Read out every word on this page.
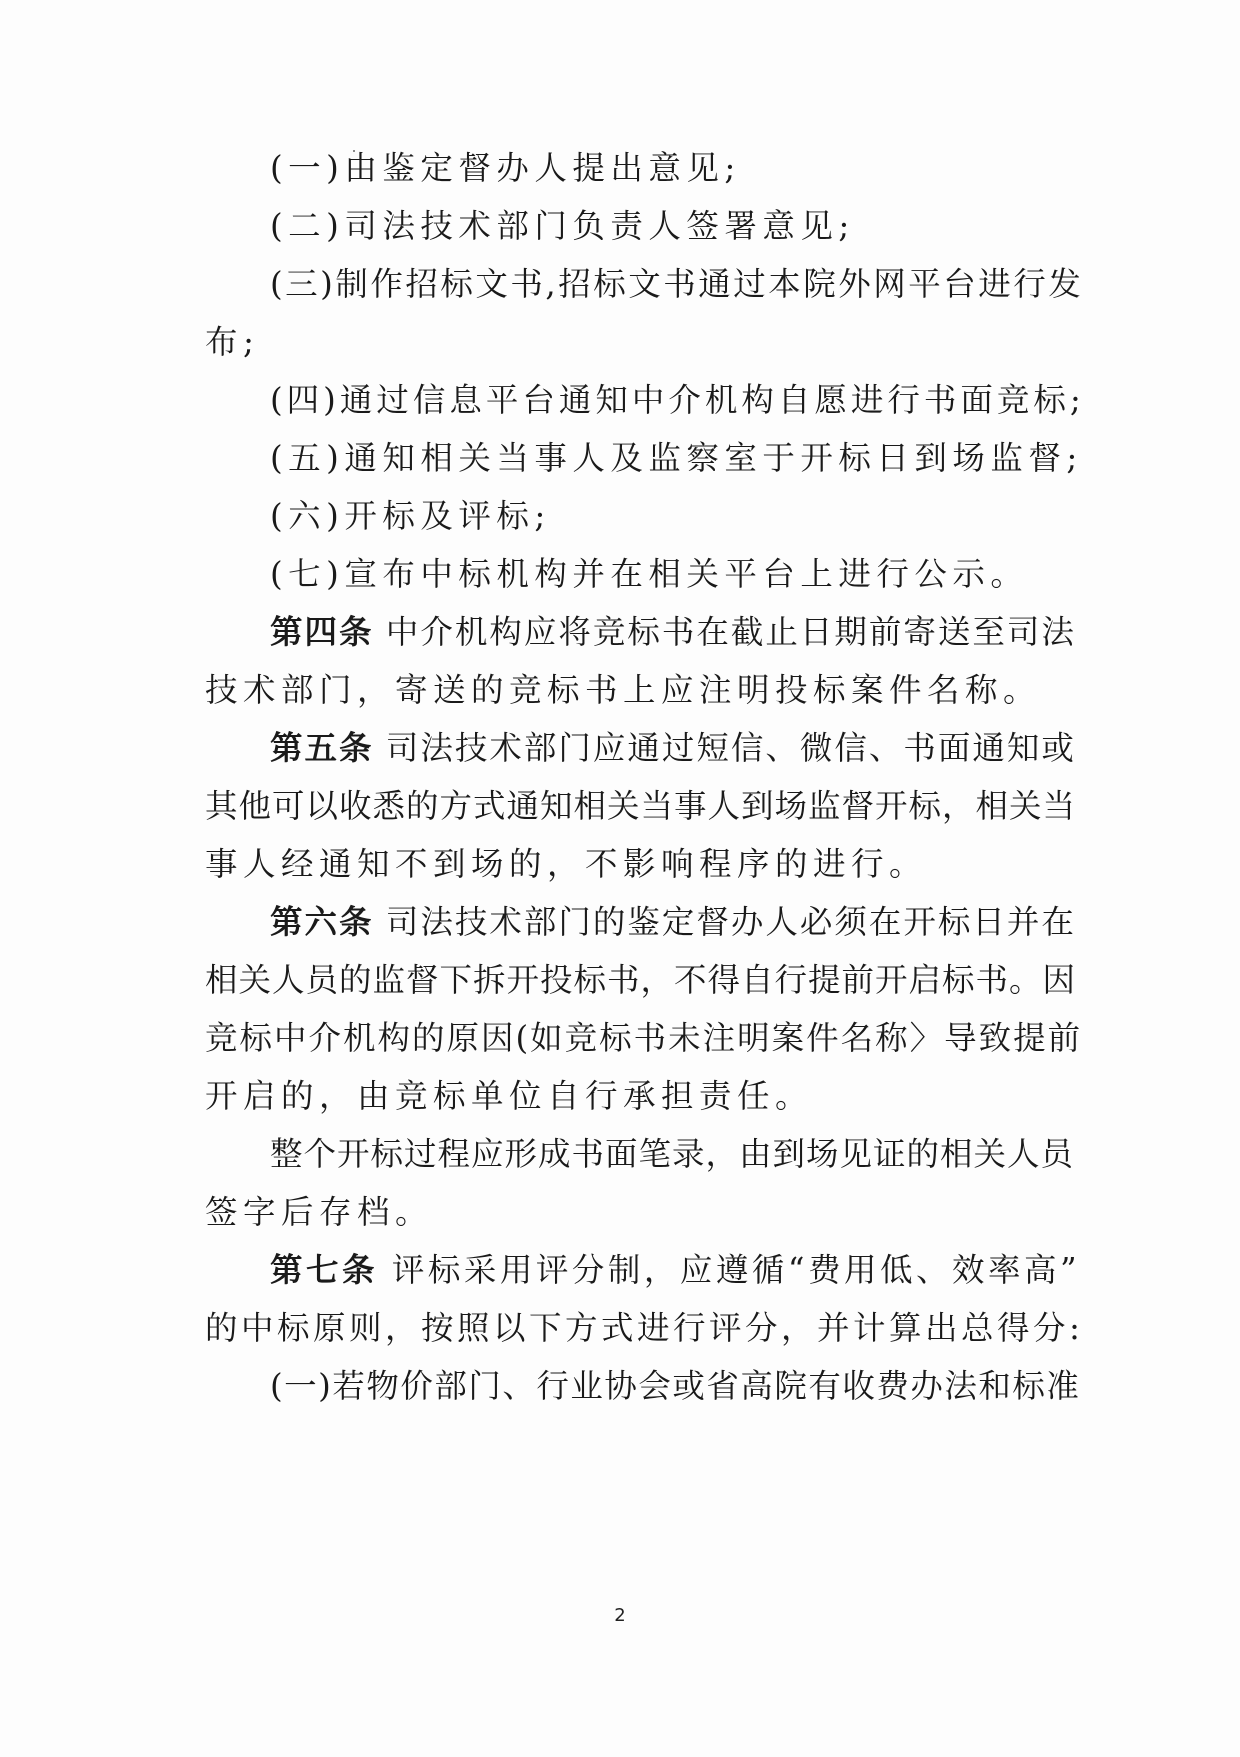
(一)由鉴定督办人提出意见;
(二)司法技术部门负责人签署意见;
(三)制作招标文书,招标文书通过本院外网平台进行发
布;
(四)通过信息平台通知中介机构自愿进行书面竞标;
(五)通知相关当事人及监察室于开标日到场监督;
(六)开标及评标;
(七)宣布中标机构并在相关平台上进行公示。
第四条 中介机构应将竞标书在截止日期前寄送至司法
技术部门，寄送的竞标书上应注明投标案件名称。
第五条 司法技术部门应通过短信、微信、书面通知或
其他可以收悉的方式通知相关当事人到场监督开标，相关当
事人经通知不到场的，不影响程序的进行。
第六条 司法技术部门的鉴定督办人必须在开标日并在
相关人员的监督下拆开投标书，不得自行提前开启标书。因
竞标中介机构的原因(如竞标书未注明案件名称〉导致提前
开启的，由竞标单位自行承担责任。
整个开标过程应形成书面笔录，由到场见证的相关人员
签字后存档。
第七条 评标采用评分制，应遵循“费用低、效率高”
的中标原则，按照以下方式进行评分，并计算出总得分:
(一)若物价部门、行业协会或省高院有收费办法和标准
2
